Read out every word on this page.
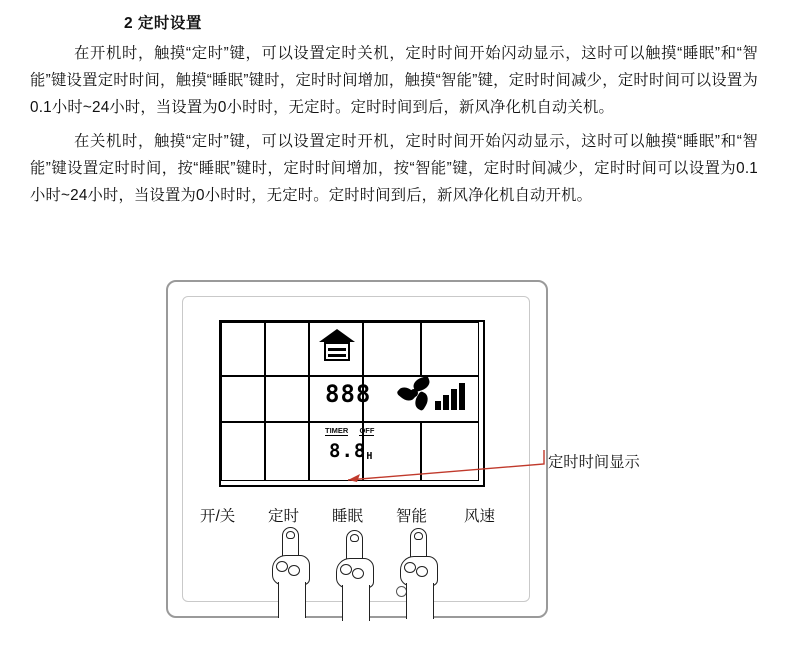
2 定时设置

在开机时，触摸“定时”键，可以设置定时关机，定时时间开始闪动显示，这时可以触摸“睡眠”和“智能”键设置定时时间，触摸“睡眠”键时，定时时间增加，触摸“智能”键，定时时间减少，定时时间可以设置为0.1小时~24小时，当设置为0小时时，无定时。定时时间到后，新风净化机自动关机。

在关机时，触摸“定时”键，可以设置定时开机，定时时间开始闪动显示，这时可以触摸“睡眠”和“智能”键设置定时时间，按“睡眠”键时，定时时间增加，按“智能”键，定时时间减少，定时时间可以设置为0.1小时~24小时，当设置为0小时时，无定时。定时时间到后，新风净化机自动开机。

888
TIMER OFF
8.8H
开/关 定时 睡眠 智能 风速
定时时间显示
